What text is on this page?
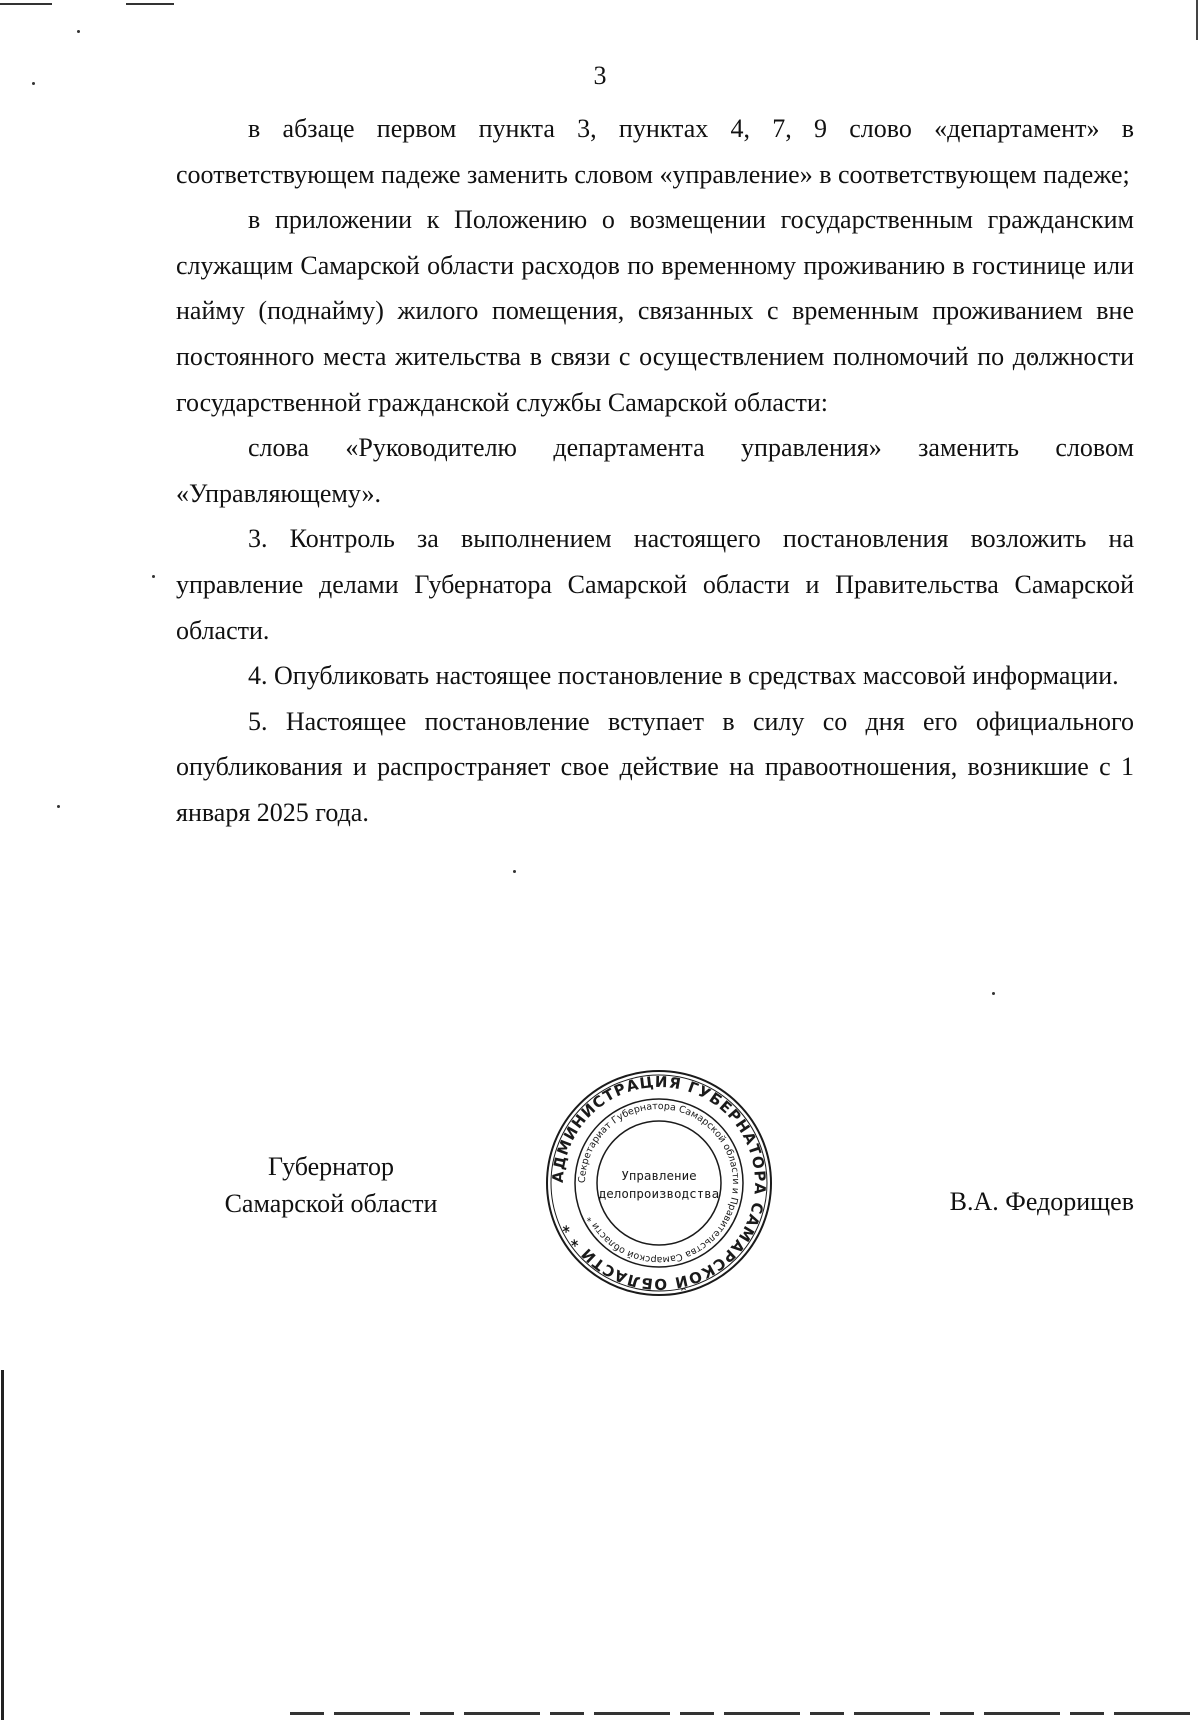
3

в абзаце первом пункта 3, пунктах 4, 7, 9 слово «департамент» в соответствующем падеже заменить словом «управление» в соответствующем падеже;

в приложении к Положению о возмещении государственным гражданским служащим Самарской области расходов по временному проживанию в гостинице или найму (поднайму) жилого помещения, связанных с временным проживанием вне постоянного места жительства в связи с осуществлением полномочий по должности государственной гражданской службы Самарской области:

слова «Руководителю департамента управления» заменить словом «Управляющему».

3. Контроль за выполнением настоящего постановления возложить на управление делами Губернатора Самарской области и Правительства Самарской области.

4. Опубликовать настоящее постановление в средствах массовой информации.

5. Настоящее постановление вступает в силу со дня его официального опубликования и распространяет свое действие на правоотношения, возникшие с 1 января 2025 года.

Губернатор
Самарской области
АДМИНИСТРАЦИЯ ГУБЕРНАТОРА САМАРСКОЙ ОБЛАСТИ * *
Секретариат Губернатора Самарской области и Правительства Самарской области *
Управление
делопроизводства	В.А. Федорищев
